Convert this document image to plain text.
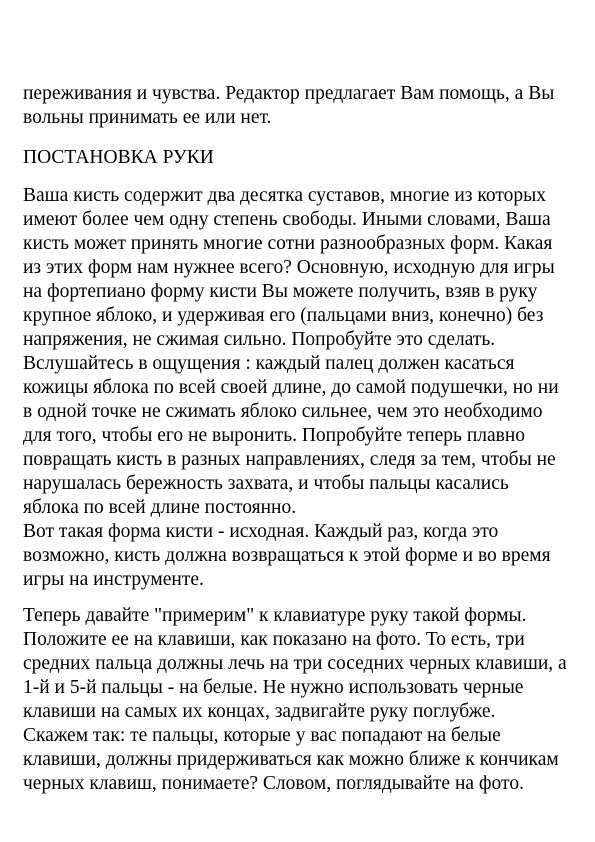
переживания и чувства. Редактор предлагает Вам помощь, а Вы
вольны принимать ее или нет.
ПОСТАНОВКА РУКИ
Ваша кисть содержит два десятка суставов, многие из которых
имеют более чем одну степень свободы. Иными словами, Ваша
кисть может принять многие сотни разнообразных форм. Какая
из этих форм нам нужнее всего? Основную, исходную для игры
на фортепиано форму кисти Вы можете получить, взяв в руку
крупное яблоко, и удерживая его (пальцами вниз, конечно) без
напряжения, не сжимая сильно. Попробуйте это сделать.
Вслушайтесь в ощущения : каждый палец должен касаться
кожицы яблока по всей своей длине, до самой подушечки, но ни
в одной точке не сжимать яблоко сильнее, чем это необходимо
для того, чтобы его не выронить. Попробуйте теперь плавно
повращать кисть в разных направлениях, следя за тем, чтобы не
нарушалась бережность захвата, и чтобы пальцы касались
яблока по всей длине постоянно.
Вот такая форма кисти - исходная. Каждый раз, когда это
возможно, кисть должна возвращаться к этой форме и во время
игры на инструменте.
Теперь давайте "примерим" к клавиатуре руку такой формы.
Положите ее на клавиши, как показано на фото. То есть, три
средних пальца должны лечь на три соседних черных клавиши, а
1-й и 5-й пальцы - на белые. Не нужно использовать черные
клавиши на самых их концах, задвигайте руку поглубже.
Скажем так: те пальцы, которые у вас попадают на белые
клавиши, должны придерживаться как можно ближе к кончикам
черных клавиш, понимаете? Словом, поглядывайте на фото.
